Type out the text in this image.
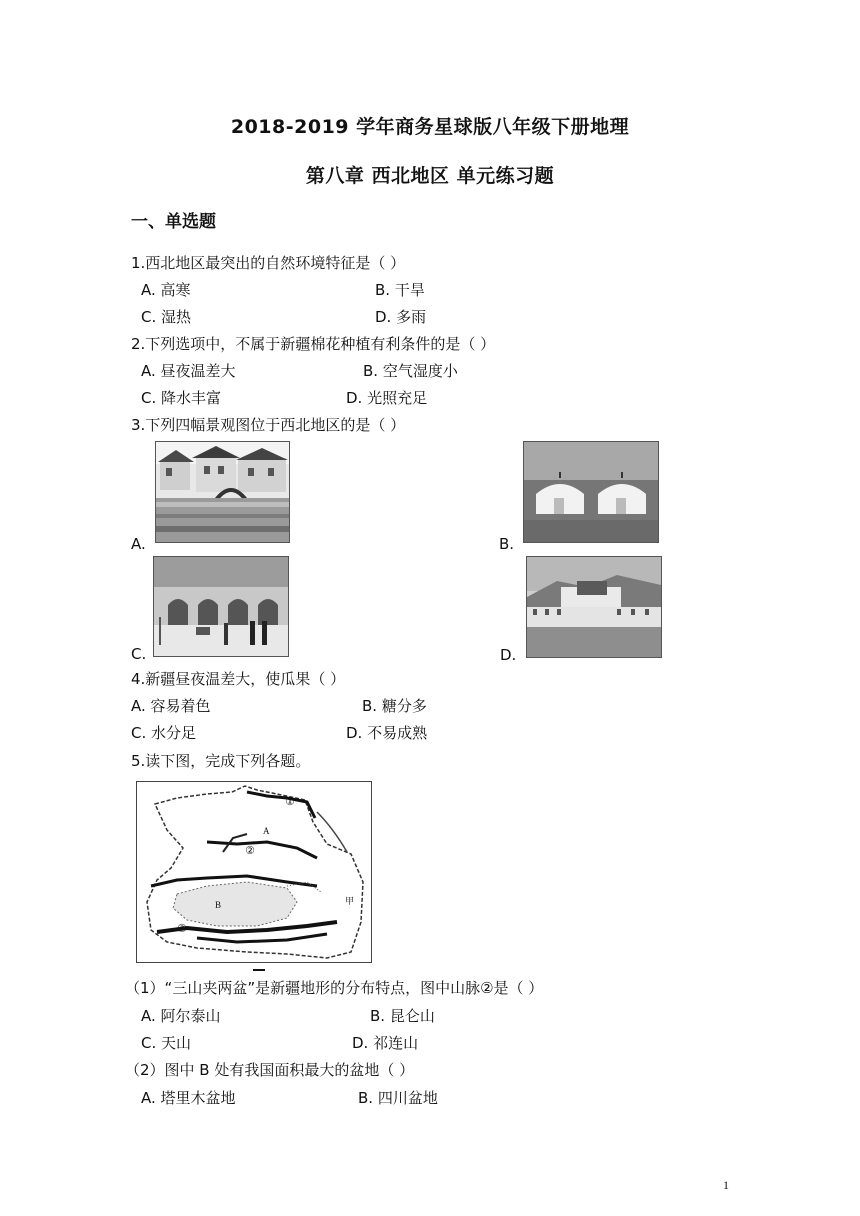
2018-2019 学年商务星球版八年级下册地理
第八章 西北地区 单元练习题
一、单选题
1.西北地区最突出的自然环境特征是（ ）
A. 高寒	B. 干旱
C. 湿热	D. 多雨
2.下列选项中，不属于新疆棉花种植有利条件的是（ ）
A. 昼夜温差大	B. 空气湿度小
C. 降水丰富	D. 光照充足
3.下列四幅景观图位于西北地区的是（ ）
A.	B.
C.	D.
4.新疆昼夜温差大，使瓜果（ ）
A. 容易着色	B. 糖分多
C. 水分足	D. 不易成熟
5.读下图，完成下列各题。
①
A
②
B	甲
③
（1）“三山夹两盆”是新疆地形的分布特点，图中山脉②是（ ）
A. 阿尔泰山	B. 昆仑山
C. 天山	D. 祁连山
（2）图中 B 处有我国面积最大的盆地（ ）
A. 塔里木盆地	B. 四川盆地
1
